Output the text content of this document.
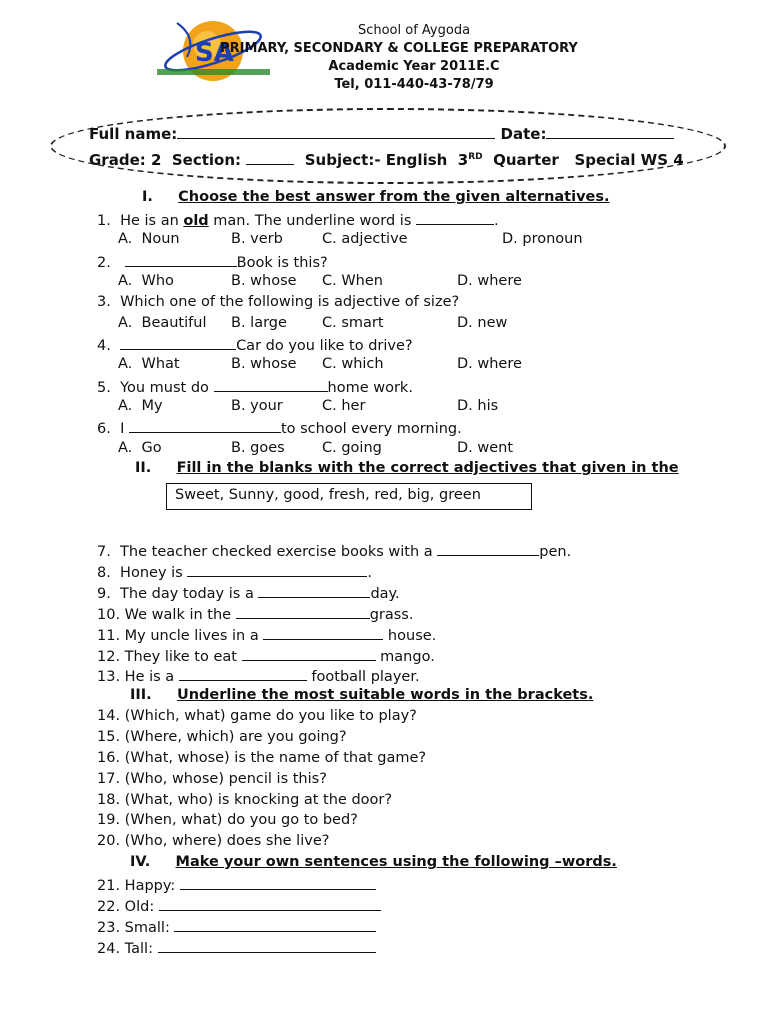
SA
School of Aygoda
PRIMARY, SECONDARY & COLLEGE PREPARATORY
Academic Year 2011E.C
Tel, 011-440-43-78/79
Full name:	Date:
Grade: 2 Section:	Subject:- English 3RD Quarter Special WS 4
I. Choose the best answer from the given alternatives.
1. He is an old man. The underline word is	.
A.  Noun	B. verb	C. adjective	D. pronoun
2.	Book is this?
A.  Who	B. whose C. When	D. where
3. Which one of the following is adjective of size?
A.  Beautiful B. large C. smart	D. new
4.	Car do you like to drive?
A.  What	B. whose C. which	D. where
5. You must do	home work.
A.  My	B. your	C. her	D. his
6. I	to school every morning.
A.  Go	B. goes	C. going	D. went
II. Fill in the blanks with the correct adjectives that given in the
Sweet, Sunny, good, fresh, red, big, green
7.  The teacher checked exercise books with a	pen.
8.  Honey is	.
9.  The day today is a	day.
10. We walk in the	grass.
11. My uncle lives in a	house.
12. They like to eat	mango.
13. He is a	football player.
III. Underline the most suitable words in the brackets.
14. (Which, what) game do you like to play?
15. (Where, which) are you going?
16. (What, whose) is the name of that game?
17. (Who, whose) pencil is this?
18. (What, who) is knocking at the door?
19. (When, what) do you go to bed?
20. (Who, where) does she live?
IV. Make your own sentences using the following –words.
21. Happy:
22. Old:
23. Small:
24. Tall:
